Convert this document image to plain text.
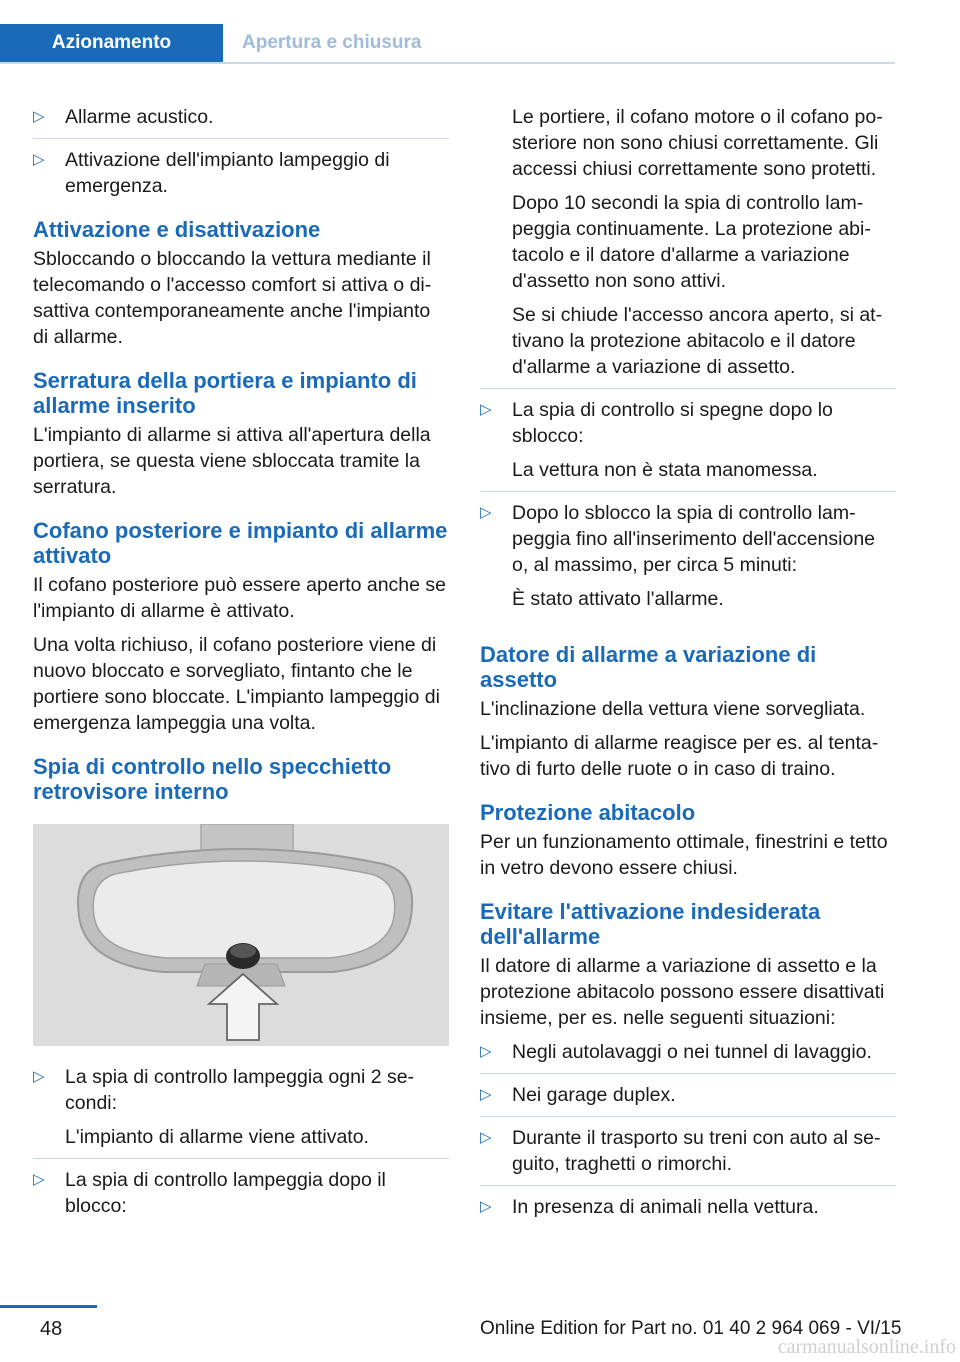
Azionamento	Apertura e chiusura
▷ Allarme acustico.

▷ Attivazione dell'impianto lampeggio di emergenza.

Attivazione e disattivazione

Sbloccando o bloccando la vettura mediante il telecomando o l'accesso comfort si attiva o di-sattiva contemporaneamente anche l'impianto di allarme.

Serratura della portiera e impianto di allarme inserito

L'impianto di allarme si attiva all'apertura della portiera, se questa viene sbloccata tramite la serratura.

Cofano posteriore e impianto di allarme attivato

Il cofano posteriore può essere aperto anche se l'impianto di allarme è attivato.

Una volta richiuso, il cofano posteriore viene di nuovo bloccato e sorvegliato, fintanto che le portiere sono bloccate. L'impianto lampeggio di emergenza lampeggia una volta.

Spia di controllo nello specchietto retrovisore interno
▷ La spia di controllo lampeggia ogni 2 se-condi:

L'impianto di allarme viene attivato.

▷ La spia di controllo lampeggia dopo il blocco:

Le portiere, il cofano motore o il cofano po-steriore non sono chiusi correttamente. Gli accessi chiusi correttamente sono protetti.

Dopo 10 secondi la spia di controllo lam-peggia continuamente. La protezione abi-tacolo e il datore d'allarme a variazione d'assetto non sono attivi.

Se si chiude l'accesso ancora aperto, si at-tivano la protezione abitacolo e il datore d'allarme a variazione di assetto.

▷ La spia di controllo si spegne dopo lo sblocco:

La vettura non è stata manomessa.

▷ Dopo lo sblocco la spia di controllo lam-peggia fino all'inserimento dell'accensione o, al massimo, per circa 5 minuti:

È stato attivato l'allarme.

Datore di allarme a variazione di assetto

L'inclinazione della vettura viene sorvegliata.

L'impianto di allarme reagisce per es. al tenta-tivo di furto delle ruote o in caso di traino.

Protezione abitacolo

Per un funzionamento ottimale, finestrini e tetto in vetro devono essere chiusi.

Evitare l'attivazione indesiderata dell'allarme

Il datore di allarme a variazione di assetto e la protezione abitacolo possono essere disattivati insieme, per es. nelle seguenti situazioni:

▷ Negli autolavaggi o nei tunnel di lavaggio.

▷ Nei garage duplex.

▷ Durante il trasporto su treni con auto al se-guito, traghetti o rimorchi.

▷ In presenza di animali nella vettura.

48	Online Edition for Part no. 01 40 2 964 069 - VI/15
carmanualsonline.info
